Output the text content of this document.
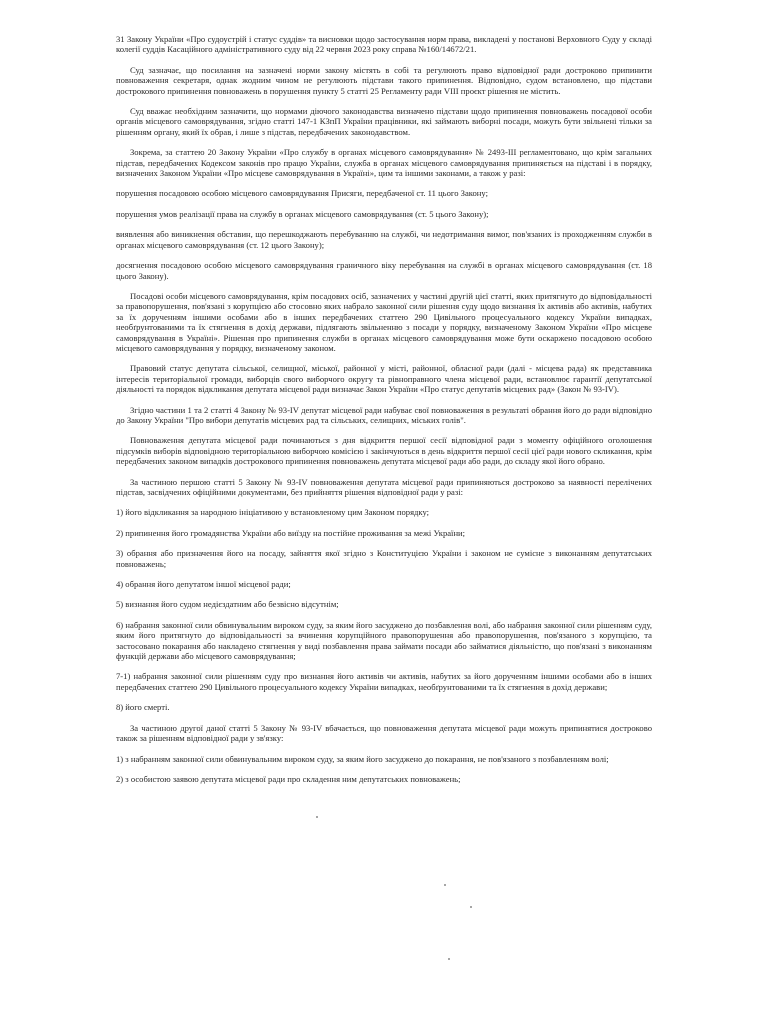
31 Закону України «Про судоустрій і статус суддів» та висновки щодо застосування норм права, викладені у постанові Верховного Суду у складі колегії суддів Касаційного адміністративного суду від 22 червня 2023 року справа №160/14672/21.

Суд зазначає, що посилання на зазначені норми закону містять в собі та регулюють право відповідної ради достроково припинити повноваження секретаря, однак жодним чином не регулюють підстави такого припинення. Відповідно, судом встановлено, що підстави дострокового припинення повноважень в порушення пункту 5 статті 25 Регламенту ради VIII проєкт рішення не містить.

Суд вважає необхідним зазначити, що нормами діючого законодавства визначено підстави щодо припинення повноважень посадової особи органів місцевого самоврядування, згідно статті 147-1 КЗпП України працівники, які займають виборні посади, можуть бути звільнені тільки за рішенням органу, який їх обрав, і лише з підстав, передбачених законодавством.

Зокрема, за статтею 20 Закону України «Про службу в органах місцевого самоврядування» № 2493-III регламентовано, що крім загальних підстав, передбачених Кодексом законів про працю України, служба в органах місцевого самоврядування припиняється на підставі і в порядку, визначених Законом України «Про місцеве самоврядування в Україні», цим та іншими законами, а також у разі:

порушення посадовою особою місцевого самоврядування Присяги, передбаченої ст. 11 цього Закону;

порушення умов реалізації права на службу в органах місцевого самоврядування (ст. 5 цього Закону);

виявлення або виникнення обставин, що перешкоджають перебуванню на службі, чи недотримання вимог, пов'язаних із проходженням служби в органах місцевого самоврядування (ст. 12 цього Закону);

досягнення посадовою особою місцевого самоврядування граничного віку перебування на службі в органах місцевого самоврядування (ст. 18 цього Закону).

Посадові особи місцевого самоврядування, крім посадових осіб, зазначених у частині другій цієї статті, яких притягнуто до відповідальності за правопорушення, пов'язані з корупцією або стосовно яких набрало законної сили рішення суду щодо визнання їх активів або активів, набутих за їх дорученням іншими особами або в інших передбачених статтею 290 Цивільного процесуального кодексу України випадках, необґрунтованими та їх стягнення в дохід держави, підлягають звільненню з посади у порядку, визначеному Законом України «Про місцеве самоврядування в Україні». Рішення про припинення служби в органах місцевого самоврядування може бути оскаржено посадовою особою місцевого самоврядування у порядку, визначеному законом.

Правовий статус депутата сільської, селищної, міської, районної у місті, районної, обласної ради (далі - місцева рада) як представника інтересів територіальної громади, виборців свого виборчого округу та рівноправного члена місцевої ради, встановлює гарантії депутатської діяльності та порядок відкликання депутата місцевої ради визначає Закон України «Про статус депутатів місцевих рад» (Закон № 93-IV).

Згідно частини 1 та 2 статті 4 Закону № 93-IV депутат місцевої ради набуває свої повноваження в результаті обрання його до ради відповідно до Закону України "Про вибори депутатів місцевих рад та сільських, селищних, міських голів".

Повноваження депутата місцевої ради починаються з дня відкриття першої сесії відповідної ради з моменту офіційного оголошення підсумків виборів відповідною територіальною виборчою комісією і закінчуються в день відкриття першої сесії цієї ради нового скликання, крім передбачених законом випадків дострокового припинення повноважень депутата місцевої ради або ради, до складу якої його обрано.

За частиною першою статті 5 Закону № 93-IV повноваження депутата місцевої ради припиняються достроково за наявності перелічених підстав, засвідчених офіційними документами, без прийняття рішення відповідної ради у разі:

1) його відкликання за народною ініціативою у встановленому цим Законом порядку;

2) припинення його громадянства України або виїзду на постійне проживання за межі України;

3) обрання або призначення його на посаду, зайняття якої згідно з Конституцією України і законом не сумісне з виконанням депутатських повноважень;

4) обрання його депутатом іншої місцевої ради;

5) визнання його судом недієздатним або безвісно відсутнім;

6) набрання законної сили обвинувальним вироком суду, за яким його засуджено до позбавлення волі, або набрання законної сили рішенням суду, яким його притягнуто до відповідальності за вчинення корупційного правопорушення або правопорушення, пов'язаного з корупцією, та застосовано покарання або накладено стягнення у виді позбавлення права займати посади або займатися діяльністю, що пов'язані з виконанням функцій держави або місцевого самоврядування;

7-1) набрання законної сили рішенням суду про визнання його активів чи активів, набутих за його дорученням іншими особами або в інших передбачених статтею 290 Цивільного процесуального кодексу України випадках, необґрунтованими та їх стягнення в дохід держави;

8) його смерті.

За частиною другої даної статті 5 Закону № 93-IV вбачається, що повноваження депутата місцевої ради можуть припинятися достроково також за рішенням відповідної ради у зв'язку:

1) з набранням законної сили обвинувальним вироком суду, за яким його засуджено до покарання, не пов'язаного з позбавленням волі;

2) з особистою заявою депутата місцевої ради про складення ним депутатських повноважень;
